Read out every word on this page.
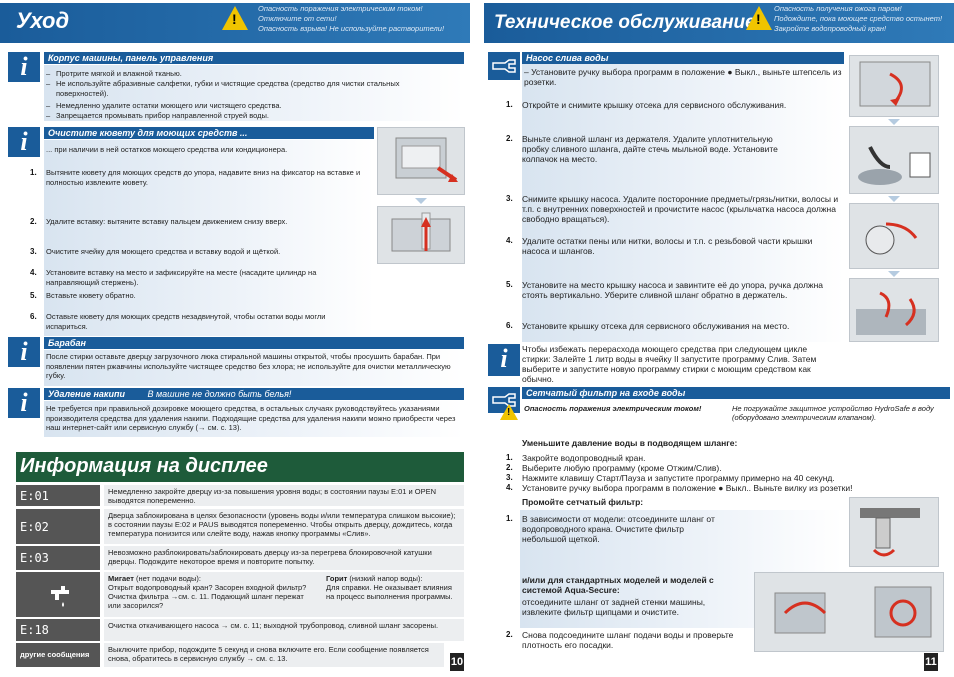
Уход	!
Опасность поражения электрическим током!
Отключите от сети!
Опасность взрыва! Не используйте растворители!
i	Корпус машины, панель управления
– Протрите мягкой и влажной тканью.
– Не используйте абразивные салфетки, губки и чистящие средства (средство для чистки стальных поверхностей).
– Немедленно удалите остатки моющего или чистящего средства.
– Запрещается промывать прибор направленной струей воды.
i	Очистите кювету для моющих средств ...
... при наличии в ней остатков моющего средства или кондиционера.
1. Вытяните кювету для моющих средств до упора, надавите вниз на фиксатор на вставке и полностью извлеките кювету.
2. Удалите вставку: вытяните вставку пальцем движением снизу вверх.
3. Очистите ячейку для моющего средства и вставку водой и щёткой.
4. Установите вставку на место и зафиксируйте на месте (насадите цилиндр на направляющий стержень).
5. Вставьте кювету обратно.
6. Оставьте кювету для моющих средств незадвинутой, чтобы остатки воды могли испариться.
i	Барабан
После стирки оставьте дверцу загрузочного люка стиральной машины открытой, чтобы просушить барабан. При появлении пятен ржавчины используйте чистящее средство без хлора; не используйте для очистки металлическую губку.
i	Удаление накипи	В машине не должно быть белья!
Не требуется при правильной дозировке моющего средства, в остальных случаях руководствуйтесь указаниями производителя средства для удаления накипи. Подходящие средства для удаления накипи можно приобрести через наш интернет-сайт или сервисную службу (→ см. с. 13).
Информация на дисплее
E:01	Немедленно закройте дверцу из-за повышения уровня воды; в состоянии паузы E:01 и OPEN выводятся попеременно.
E:02
Дверца заблокирована в целях безопасности (уровень воды и/или температура слишком высокие); в состоянии паузы E:02 и PAUS выводятся попеременно. Чтобы открыть дверцу, дождитесь, когда температура понизится или слейте воду, нажав кнопку программы «Слив».
E:03	Невозможно разблокировать/заблокировать дверцу из-за перегрева блокировочной катушки дверцы. Подождите некоторое время и повторите попытку.
Мигает (нет подачи воды):
Открыт водопроводный кран? Засорен входной фильтр? Очистка фильтра →см. с. 11. Подающий шланг пережат или засорился?
Горит (низкий напор воды):
Для справки. Не оказывает влияния на процесс выполнения программы.
E:18	Очистка откачивающего насоса → см. с. 11; выходной трубопровод, сливной шланг засорены.
другие сообщения
Выключите прибор, подождите 5 секунд и снова включите его. Если сообщение появляется снова, обратитесь в сервисную службу → см. с. 13.	10
Техническое обслуживание !
Опасность получения ожога паром!
Подождите, пока моющее средство остынет!
Закройте водопроводный кран!
Насос слива воды
– Установите ручку выбора программ в положение ● Выкл., выньте штепсель из розетки.
1. Откройте и снимите крышку отсека для сервисного обслуживания.
2. Выньте сливной шланг из держателя. Удалите уплотнительную пробку сливного шланга, дайте стечь мыльной воде. Установите колпачок на место.
3. Снимите крышку насоса. Удалите посторонние предметы/грязь/нитки, волосы и т.п. с внутренних поверхностей и прочистите насос (крыльчатка насоса должна свободно вращаться).
4. Удалите остатки пены или нитки, волосы и т.п. с резьбовой части крышки насоса и шлангов.
5. Установите на место крышку насоса и завинтите её до упора, ручка должна стоять вертикально. Уберите сливной шланг обратно в держатель.
6. Установите крышку отсека для сервисного обслуживания на место.
i	Чтобы избежать перерасхода моющего средства при следующем цикле стирки: Залейте 1 литр воды в ячейку II запустите программу Слив. Затем выберите и запустите новую программу стирки с моющим средством как обычно.
Сетчатый фильтр на входе воды
! Опасность поражения электрическим током!	Не погружайте защитное устройство HydroSafe в воду (оборудовано электрическим клапаном).
Уменьшите давление воды в подводящем шланге:
1. Закройте водопроводный кран.
2. Выберите любую программу (кроме Отжим/Слив).
3. Нажмите клавишу Старт/Пауза и запустите программу примерно на 40 секунд.
4. Установите ручку выбора программ в положение ● Выкл.. Выньте вилку из розетки!
Промойте сетчатый фильтр:
1. В зависимости от модели: отсоедините шланг от водопроводного крана. Очистите фильтр небольшой щеткой.
и/или для стандартных моделей и моделей с системой Aqua-Secure:
отсоедините шланг от задней стенки машины, извлеките фильтр щипцами и очистите.
2. Снова подсоедините шланг подачи воды и проверьте плотность его посадки.
11
